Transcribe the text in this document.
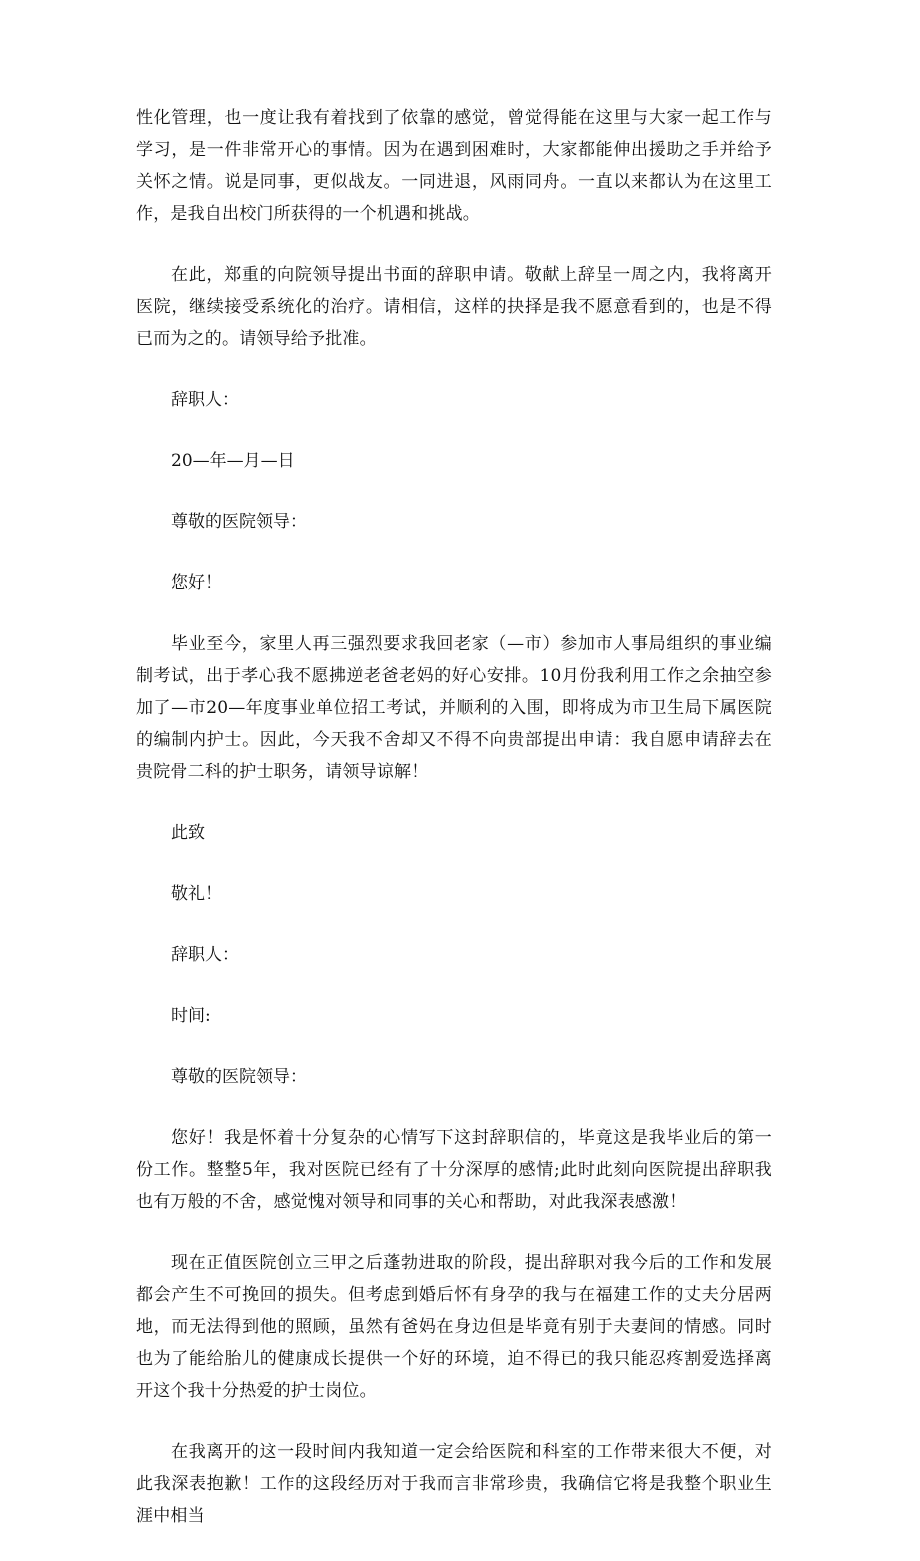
性化管理，也一度让我有着找到了依靠的感觉，曾觉得能在这里与大家一起工作与学习，是一件非常开心的事情。因为在遇到困难时，大家都能伸出援助之手并给予关怀之情。说是同事，更似战友。一同进退，风雨同舟。一直以来都认为在这里工作，是我自出校门所获得的一个机遇和挑战。

在此，郑重的向院领导提出书面的辞职申请。敬献上辞呈一周之内，我将离开医院，继续接受系统化的治疗。请相信，这样的抉择是我不愿意看到的，也是不得已而为之的。请领导给予批准。

辞职人：

20—年—月—日

尊敬的医院领导：

您好！

毕业至今，家里人再三强烈要求我回老家（—市）参加市人事局组织的事业编制考试，出于孝心我不愿拂逆老爸老妈的好心安排。10月份我利用工作之余抽空参加了—市20—年度事业单位招工考试，并顺利的入围，即将成为市卫生局下属医院的编制内护士。因此，今天我不舍却又不得不向贵部提出申请：我自愿申请辞去在贵院骨二科的护士职务，请领导谅解！

此致

敬礼！

辞职人：

时间:

尊敬的医院领导：

您好！我是怀着十分复杂的心情写下这封辞职信的，毕竟这是我毕业后的第一份工作。整整5年，我对医院已经有了十分深厚的感情;此时此刻向医院提出辞职我也有万般的不舍，感觉愧对领导和同事的关心和帮助，对此我深表感激！

现在正值医院创立三甲之后蓬勃进取的阶段，提出辞职对我今后的工作和发展都会产生不可挽回的损失。但考虑到婚后怀有身孕的我与在福建工作的丈夫分居两地，而无法得到他的照顾，虽然有爸妈在身边但是毕竟有别于夫妻间的情感。同时也为了能给胎儿的健康成长提供一个好的环境，迫不得已的我只能忍疼割爱选择离开这个我十分热爱的护士岗位。

在我离开的这一段时间内我知道一定会给医院和科室的工作带来很大不便，对此我深表抱歉！工作的这段经历对于我而言非常珍贵，我确信它将是我整个职业生涯中相当
